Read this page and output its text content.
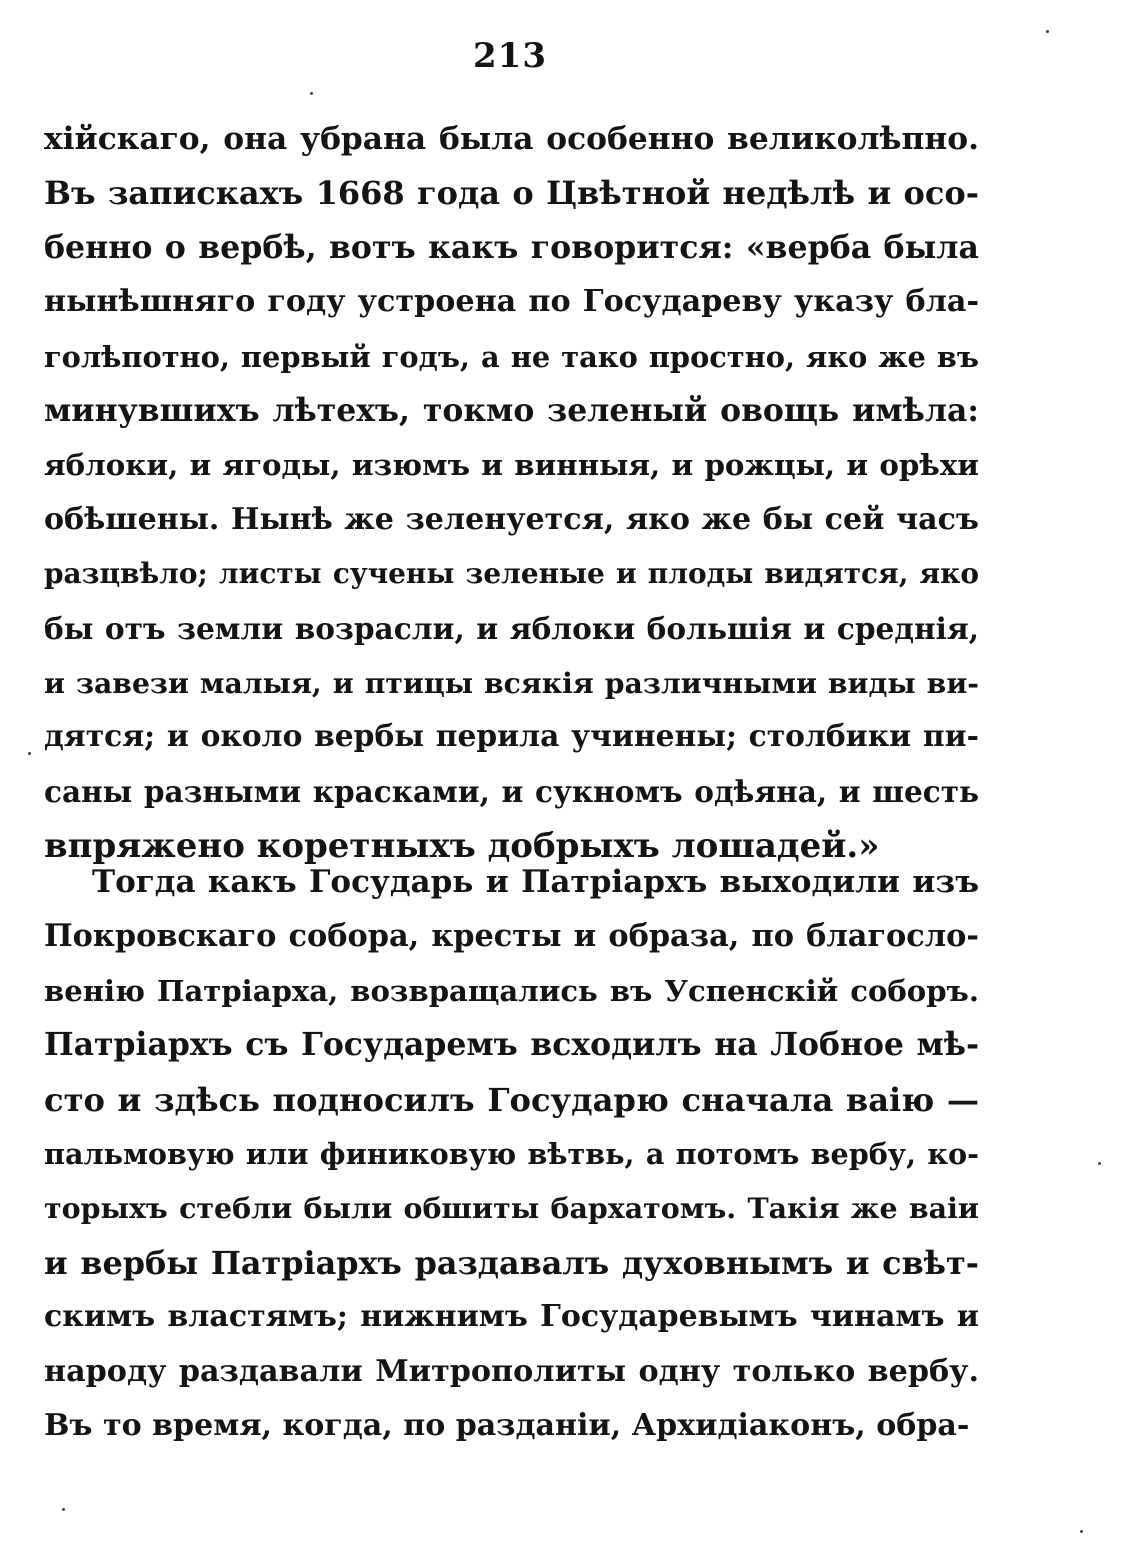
213
хійскаго, она убрана была особенно великолѣпно.
Въ запискахъ 1668 года о Цвѣтной недѣлѣ и осо-
бенно о вербѣ, вотъ какъ говорится: «верба была
нынѣшняго году устроена по Государеву указу бла-
голѣпотно, первый годъ, а не тако простно, яко же въ
минувшихъ лѣтехъ, токмо зеленый овощь имѣла:
яблоки, и ягоды, изюмъ и винныя, и рожцы, и орѣхи
обѣшены. Нынѣ же зеленуется, яко же бы сей часъ
разцвѣло; листы сучены зеленые и плоды видятся, яко
бы отъ земли возрасли, и яблоки большія и среднія,
и завези малыя, и птицы всякія различными виды ви-
дятся; и около вербы перила учинены; столбики пи-
саны разными красками, и сукномъ одѣяна, и шесть
впряжено коретныхъ добрыхъ лошадей.»
Тогда какъ Государь и Патріархъ выходили изъ
Покровскаго собора, кресты и образа, по благосло-
венію Патріарха, возвращались въ Успенскій соборъ.
Патріархъ съ Государемъ всходилъ на Лобное мѣ-
сто и здѣсь подносилъ Государю сначала ваію —
пальмовую или финиковую вѣтвь, а потомъ вербу, ко-
торыхъ стебли были обшиты бархатомъ. Такія же ваіи
и вербы Патріархъ раздавалъ духовнымъ и свѣт-
скимъ властямъ; нижнимъ Государевымъ чинамъ и
народу раздавали Митрополиты одну только вербу.
Въ то время, когда, по разданіи, Архидіаконъ, обра-
